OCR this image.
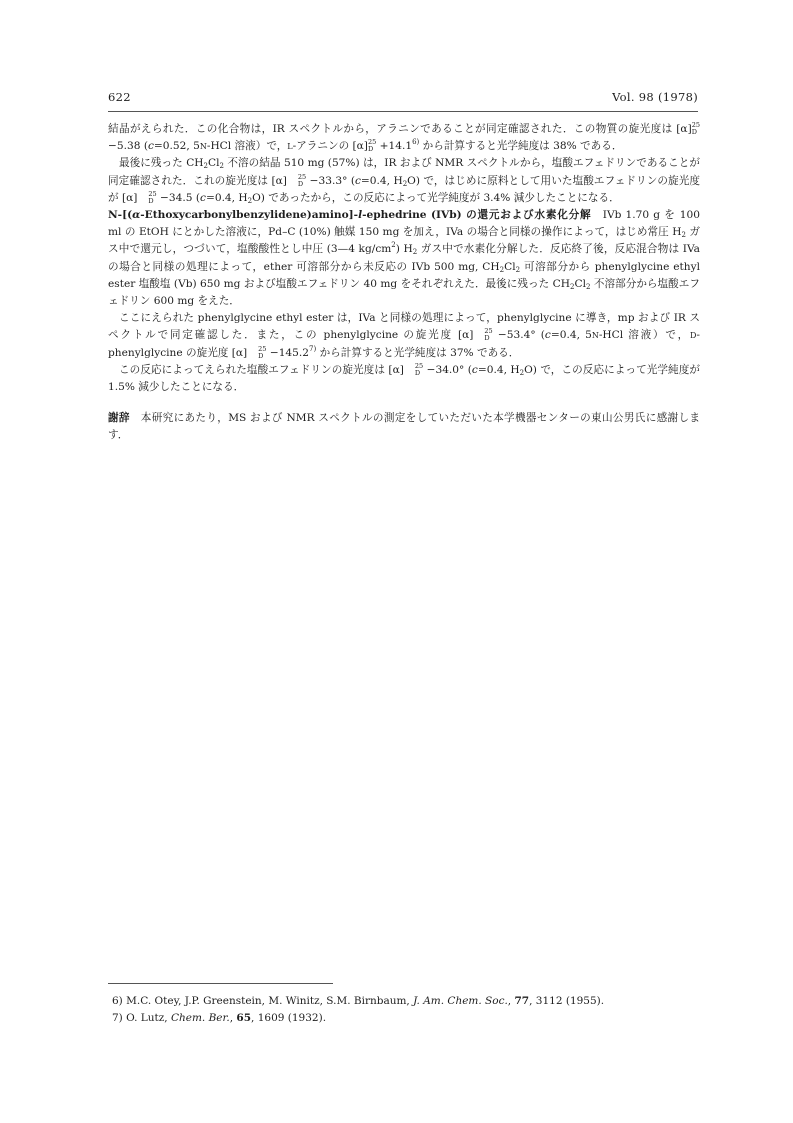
622	Vol. 98 (1978)

結晶がえられた．この化合物は，IR スペクトルから，アラニンであることが同定確認された．この物質の旋光度は [α] 25
D
−5.38 (c=0.52, 5N-HCl 溶液）で，L-アラニンの [α] 25
$D +14.1^{6)}$ から計算すると光学純度は 38% である．

最後に残った $CH_2Cl_2$ 不溶の結晶 510 mg (57%) は，IR および NMR スペクトルから，塩酸エフェドリンであることが同定確認された．これの旋光度は [α]	25
D −33.3° (c=0.4, $H_2O$) で，はじめに原料として用いた塩酸エフェドリンの旋光度が [α]	25
D −34.5 (c=0.4, $H_2O$) であったから，この反応によって光学純度が 3.4% 減少したことになる．

N-[(α-Ethoxycarbonylbenzylidene)amino]-l-ephedrine (IVb) の還元および水素化分解　IVb 1.70 g を 100 ml の EtOH にとかした溶液に，Pd–C (10%) 触媒 150 mg を加え，IVa の場合と同様の操作によって，はじめ常圧 $H_2$ ガス中で還元し，つづいて，塩酸酸性とし中圧 (3—4 $kg/cm^2$) $H_2$ ガス中で水素化分解した．反応終了後，反応混合物は IVa の場合と同様の処理によって，ether 可溶部分から未反応の IVb 500 mg, $CH_2Cl_2$ 可溶部分から phenylglycine ethyl ester 塩酸塩 (Vb) 650 mg および塩酸エフェドリン 40 mg をそれぞれえた．最後に残った $CH_2Cl_2$ 不溶部分から塩酸エフェドリン 600 mg をえた．

ここにえられた phenylglycine ethyl ester は，IVa と同様の処理によって，phenylglycine に導き，mp および IR スペクトルで同定確認した．また，この phenylglycine の旋光度 [α]	25
D −53.4° (c=0.4, 5N-HCl 溶液）で，D-phenylglycine の旋光度 [α]	25
$D -145.2^{7)}$ から計算すると光学純度は 37% である．

この反応によってえられた塩酸エフェドリンの旋光度は [α]	25
D −34.0° (c=0.4, $H_2O$) で，この反応によって光学純度が 1.5% 減少したことになる．

謝辞　本研究にあたり，MS および NMR スペクトルの測定をしていただいた本学機器センターの東山公男氏に感謝します．

6) M.C. Otey, J.P. Greenstein, M. Winitz, S.M. Birnbaum, J. Am. Chem. Soc., 77, 3112 (1955).

7) O. Lutz, Chem. Ber., 65, 1609 (1932).
